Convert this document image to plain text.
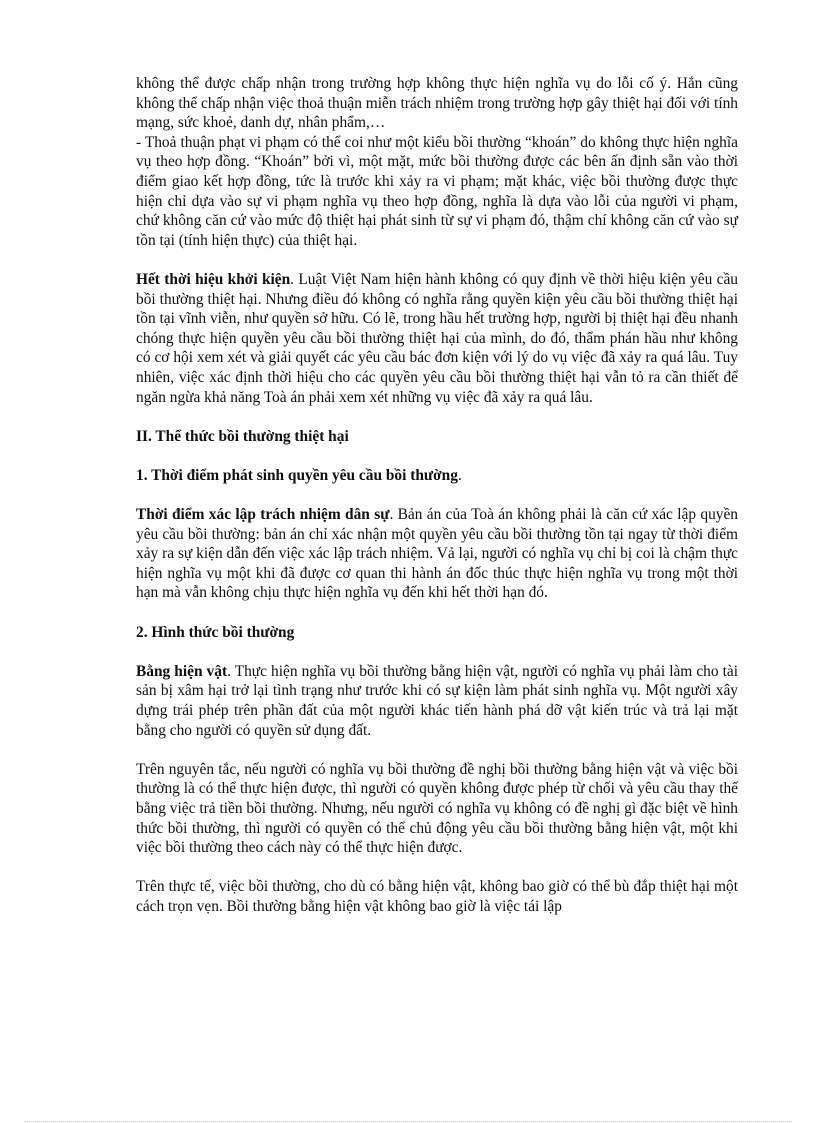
không thể được chấp nhận trong trường hợp không thực hiện nghĩa vụ do lỗi cố ý. Hắn cũng không thể chấp nhận việc thoả thuận miễn trách nhiệm trong trường hợp gây thiệt hại đối với tính mạng, sức khoẻ, danh dự, nhân phẩm,…

- Thoả thuận phạt vi phạm có thể coi như một kiểu bồi thường “khoán” do không thực hiện nghĩa vụ theo hợp đồng. “Khoán” bởi vì, một mặt, mức bồi thường được các bên ấn định sẵn vào thời điểm giao kết hợp đồng, tức là trước khi xảy ra vi phạm; mặt khác, việc bồi thường được thực hiện chỉ dựa vào sự vi phạm nghĩa vụ theo hợp đồng, nghĩa là dựa vào lỗi của người vi phạm, chứ không căn cứ vào mức độ thiệt hại phát sinh từ sự vi phạm đó, thậm chí không căn cứ vào sự tồn tại (tính hiện thực) của thiệt hại.

Hết thời hiệu khởi kiện. Luật Việt Nam hiện hành không có quy định về thời hiệu kiện yêu cầu bồi thường thiệt hại. Nhưng điều đó không có nghĩa rằng quyền kiện yêu cầu bồi thường thiệt hại tồn tại vĩnh viễn, như quyền sở hữu. Có lẽ, trong hầu hết trường hợp, người bị thiệt hại đều nhanh chóng thực hiện quyền yêu cầu bồi thường thiệt hại của mình, do đó, thẩm phán hầu như không có cơ hội xem xét và giải quyết các yêu cầu bác đơn kiện với lý do vụ việc đã xảy ra quá lâu. Tuy nhiên, việc xác định thời hiệu cho các quyền yêu cầu bồi thường thiệt hại vẫn tỏ ra cần thiết để ngăn ngừa khả năng Toà án phải xem xét những vụ việc đã xảy ra quá lâu.

II. Thể thức bồi thường thiệt hại

1. Thời điểm phát sinh quyền yêu cầu bồi thường.

Thời điểm xác lập trách nhiệm dân sự. Bản án của Toà án không phải là căn cứ xác lập quyền yêu cầu bồi thường: bản án chỉ xác nhận một quyền yêu cầu bồi thường tồn tại ngay từ thời điểm xảy ra sự kiện dẫn đến việc xác lập trách nhiệm. Vả lại, người có nghĩa vụ chỉ bị coi là chậm thực hiện nghĩa vụ một khi đã được cơ quan thi hành án đốc thúc thực hiện nghĩa vụ trong một thời hạn mà vẫn không chịu thực hiện nghĩa vụ đến khi hết thời hạn đó.

2. Hình thức bồi thường

Bằng hiện vật. Thực hiện nghĩa vụ bồi thường bằng hiện vật, người có nghĩa vụ phải làm cho tài sản bị xâm hại trở lại tình trạng như trước khi có sự kiện làm phát sinh nghĩa vụ. Một người xây dựng trái phép trên phần đất của một người khác tiến hành phá dỡ vật kiến trúc và trả lại mặt bằng cho người có quyền sử dụng đất.

Trên nguyên tắc, nếu người có nghĩa vụ bồi thường đề nghị bồi thường bằng hiện vật và việc bồi thường là có thể thực hiện được, thì người có quyền không được phép từ chối và yêu cầu thay thế bằng việc trả tiền bồi thường. Nhưng, nếu người có nghĩa vụ không có đề nghị gì đặc biệt về hình thức bồi thường, thì người có quyền có thể chủ động yêu cầu bồi thường bằng hiện vật, một khi việc bồi thường theo cách này có thể thực hiện được.

Trên thực tế, việc bồi thường, cho dù có bằng hiện vật, không bao giờ có thể bù đắp thiệt hại một cách trọn vẹn. Bồi thường bằng hiện vật không bao giờ là việc tái lập
